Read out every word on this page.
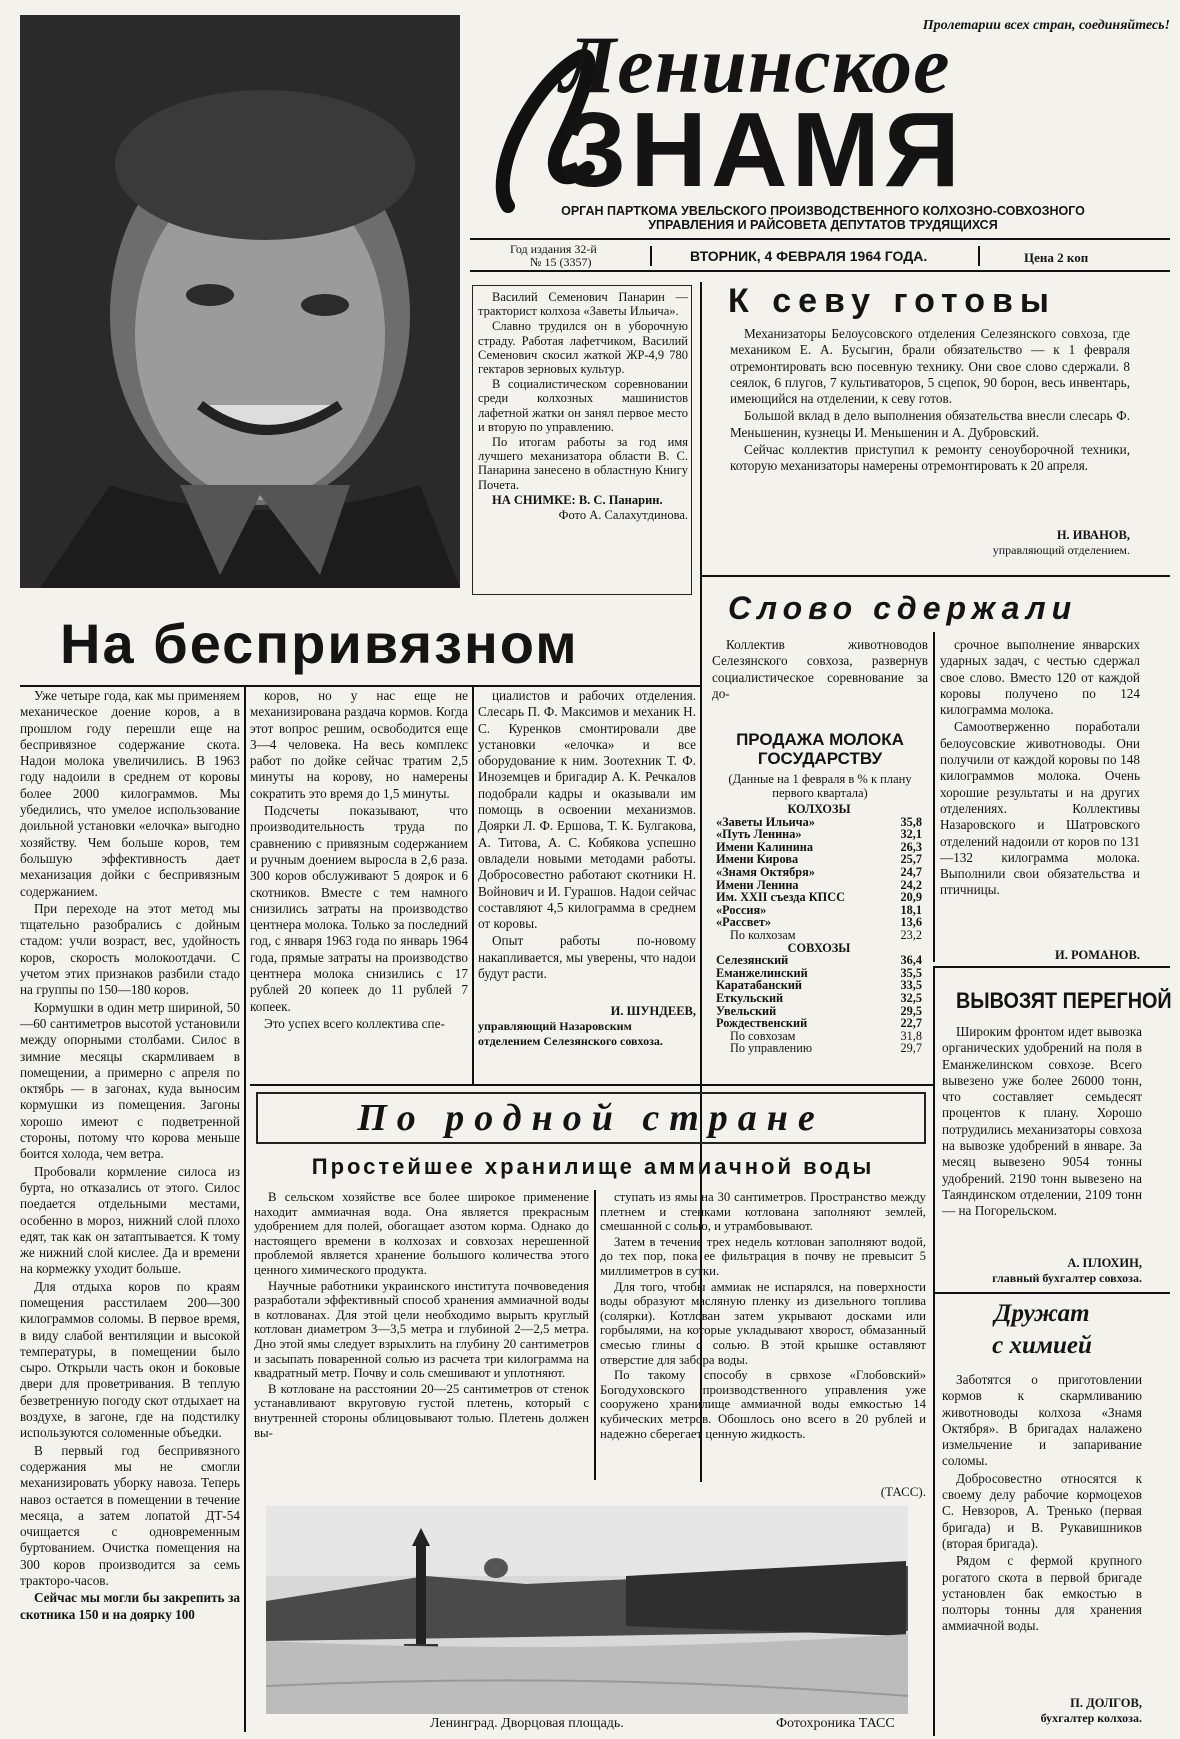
Пролетарии всех стран, соединяйтесь!
Ленинское
ЗНАМЯ
ОРГАН ПАРТКОМА УВЕЛЬСКОГО ПРОИЗВОДСТВЕННОГО КОЛХОЗНО-СОВХОЗНОГО УПРАВЛЕНИЯ И РАЙСОВЕТА ДЕПУТАТОВ ТРУДЯЩИХСЯ
Год издания 32-й
№ 15 (3357)	ВТОРНИК, 4 ФЕВРАЛЯ 1964 ГОДА.	Цена 2 коп

Василий Семенович Панарин — тракторист колхоза «Заветы Ильича».

Славно трудился он в уборочную страду. Работая лафетчиком, Василий Семенович скосил жаткой ЖР-4,9 780 гектаров зерновых культур.

В социалистическом соревновании среди колхозных машинистов лафетной жатки он занял первое место и вторую по управлению.

По итогам работы за год имя лучшего механизатора области В. С. Панарина занесено в областную Книгу Почета.

НА СНИМКЕ: В. С. Панарин.

Фото А. Салахутдинова.

К севу готовы

Механизаторы Белоусовского отделения Селезянского совхоза, где механиком Е. А. Бусыгин, брали обязательство — к 1 февраля отремонтировать всю посевную технику. Они свое слово сдержали. 8 сеялок, 6 плугов, 7 культиваторов, 5 сцепок, 90 борон, весь инвентарь, имеющийся на отделении, к севу готов.

Большой вклад в дело выполнения обязательства внесли слесарь Ф. Меньшенин, кузнецы И. Меньшенин и А. Дубровский.

Сейчас коллектив приступил к ремонту сеноуборочной техники, которую механизаторы намерены отремонтировать к 20 апреля.

Н. ИВАНОВ,
управляющий отделением.
На беспривязном

Уже четыре года, как мы применяем механическое доение коров, а в прошлом году перешли еще на беспривязное содержание скота. Надои молока увеличились. В 1963 году надоили в среднем от коровы более 2000 килограммов. Мы убедились, что умелое использование доильной установки «елочка» выгодно хозяйству. Чем больше коров, тем большую эффективность дает механизация дойки с беспривязным содержанием.

При переходе на этот метод мы тщательно разобрались с дойным стадом: учли возраст, вес, удойность коров, скорость молокоотдачи. С учетом этих признаков разбили стадо на группы по 150—180 коров.

Кормушки в один метр шириной, 50—60 сантиметров высотой установили между опорными столбами. Силос в зимние месяцы скармливаем в помещении, а примерно с апреля по октябрь — в загонах, куда выносим кормушки из помещения. Загоны хорошо имеют с подветренной стороны, потому что корова меньше боится холода, чем ветра.

Пробовали кормление силоса из бурта, но отказались от этого. Силос поедается отдельными местами, особенно в мороз, нижний слой плохо едят, так как он затаптывается. К тому же нижний слой кислее. Да и времени на кормежку уходит больше.

Для отдыха коров по краям помещения расстилаем 200—300 килограммов соломы. В первое время, в виду слабой вентиляции и высокой температуры, в помещении было сыро. Открыли часть окон и боковые двери для проветривания. В теплую безветренную погоду скот отдыхает на воздухе, в загоне, где на подстилку используются соломенные объедки.

В первый год беспривязного содержания мы не смогли механизировать уборку навоза. Теперь навоз остается в помещении в течение месяца, а затем лопатой ДТ-54 очищается с одновременным буртованием. Очистка помещения на 300 коров производится за семь тракторо-часов.

Сейчас мы могли бы закрепить за скотника 150 и на дояркy 100

коров, но у нас еще не механизирована раздача кормов. Когда этот вопрос решим, освободится еще 3—4 человека. На весь комплекс работ по дойке сейчас тратим 2,5 минуты на корову, но намерены сократить это время до 1,5 минуты.

Подсчеты показывают, что производительность труда по сравнению с привязным содержанием и ручным доением выросла в 2,6 раза. 300 коров обслуживают 5 доярок и 6 скотников. Вместе с тем намного снизились затраты на производство центнера молока. Только за последний год, с января 1963 года по январь 1964 года, прямые затраты на производство центнера молока снизились с 17 рублей 20 копеек до 11 рублей 7 копеек.

Это успех всего коллектива спе-

циалистов и рабочих отделения. Слесарь П. Ф. Максимов и механик Н. С. Куренков смонтировали две установки «елочка» и все оборудование к ним. Зоотехник Т. Ф. Иноземцев и бригадир А. К. Речкалов подобрали кадры и оказывали им помощь в освоении механизмов. Доярки Л. Ф. Ершова, Т. К. Булгакова, А. Титова, А. С. Кобякова успешно овладели новыми методами работы. Добросовестно работают скотники Н. Войнович и И. Гурашов. Надои сейчас составляют 4,5 килограмма в среднем от коровы.

Опыт работы по-новому накапливается, мы уверены, что надои будут расти.

И. ШУНДЕЕВ,
управляющий Назаровским отделением Селезянского совхоза.
Слово сдержали
Коллектив животноводов Селезянского совхоза, развернув социалистическое соревнование за до-

срочное выполнение январских ударных задач, с честью сдержал свое слово. Вместо 120 от каждой коровы получено по 124 килограмма молока.

Самоотверженно поработали белоусовские животноводы. Они получили от каждой коровы по 148 килограммов молока. Очень хорошие результаты и на других отделениях. Коллективы Назаровского и Шатровского отделений надоили от коров по 131—132 килограмма молока. Выполнили свои обязательства и птичницы.

И. РОМАНОВ.
ПРОДАЖА МОЛОКА ГОСУДАРСТВУ
(Данные на 1 февраля в % к плану первого квартала)
КОЛХОЗЫ
«Заветы Ильича»	35,8
«Путь Ленина»	32,1
Имени Калинина	26,3
Имени Кирова	25,7
«Знамя Октября»	24,7
Имени Ленина	24,2
Им. XXII съезда КПСС	20,9
«Россия»	18,1
«Рассвет»	13,6
По колхозам	23,2
СОВХОЗЫ
Селезянский	36,4
Еманжелинский	35,5
Каратабанский	33,5
Еткульский	32,5
Увельский	29,5
Рождественский	22,7
По совхозам	31,8
По управлению	29,7
ВЫВОЗЯТ ПЕРЕГНОЙ
Широким фронтом идет вывозка органических удобрений на поля в Еманжелинском совхозе. Всего вывезено уже более 26000 тонн, что составляет семьдесят процентов к плану. Хорошо потрудились механизаторы совхоза на вывозке удобрений в январе. За месяц вывезено 9054 тонны удобрений. 2190 тонн вывезено на Таяндинском отделении, 2109 тонн — на Погорельском.
А. ПЛОХИН,
главный бухгалтер совхоза.
Дружат
с химией

Заботятся о приготовлении кормов к скармливанию животноводы колхоза «Знамя Октября». В бригадах налажено измельчение и запаривание соломы.

Добросовестно относятся к своему делу рабочие кормоцехов С. Невзоров, А. Тренько (первая бригада) и В. Рукавишников (вторая бригада).

Рядом с фермой крупного рогатого скота в первой бригаде установлен бак емкостью в полторы тонны для хранения аммиачной воды.

П. ДОЛГОВ,
бухгалтер колхоза.
По родной стране
Простейшее хранилище аммиачной воды

В сельском хозяйстве все более широкое применение находит аммиачная вода. Она является прекрасным удобрением для полей, обогащает азотом корма. Однако до настоящего времени в колхозах и совхозах нерешенной проблемой является хранение большого количества этого ценного химического продукта.

Научные работники украинского института почвоведения разработали эффективный способ хранения аммиачной воды в котлованах. Для этой цели необходимо вырыть круглый котлован диаметром 3—3,5 метра и глубиной 2—2,5 метра. Дно этой ямы следует взрыхлить на глубину 20 сантиметров и засыпать поваренной солью из расчета три килограмма на квадратный метр. Почву и соль смешивают и уплотняют.

В котловане на расстоянии 20—25 сантиметров от стенок устанавливают вкруговую густой плетень, который с внутренней стороны облицовывают толью. Плетень должен вы-

ступать из ямы на 30 сантиметров. Пространство между плетнем и стенками котлована заполняют землей, смешанной с солью, и утрамбовывают.

Затем в течение трех недель котлован заполняют водой, до тех пор, пока ее фильтрация в почву не превысит 5 миллиметров в сутки.

Для того, чтобы аммиак не испарялся, на поверхности воды образуют масляную пленку из дизельного топлива (солярки). Котлован затем укрывают досками или горбылями, на которые укладывают хворост, обмазанный смесью глины с солью. В этой крышке оставляют отверстие для забора воды.

По такому способу в срвхозе «Глобовский» Богодуховского производственного управления уже сооружено хранилище аммиачной воды емкостью 14 кубических метров. Обошлось оно всего в 20 рублей и надежно сберегает ценную жидкость.

(ТАСС).
Ленинград. Дворцовая площадь.	Фотохроника ТАСС
